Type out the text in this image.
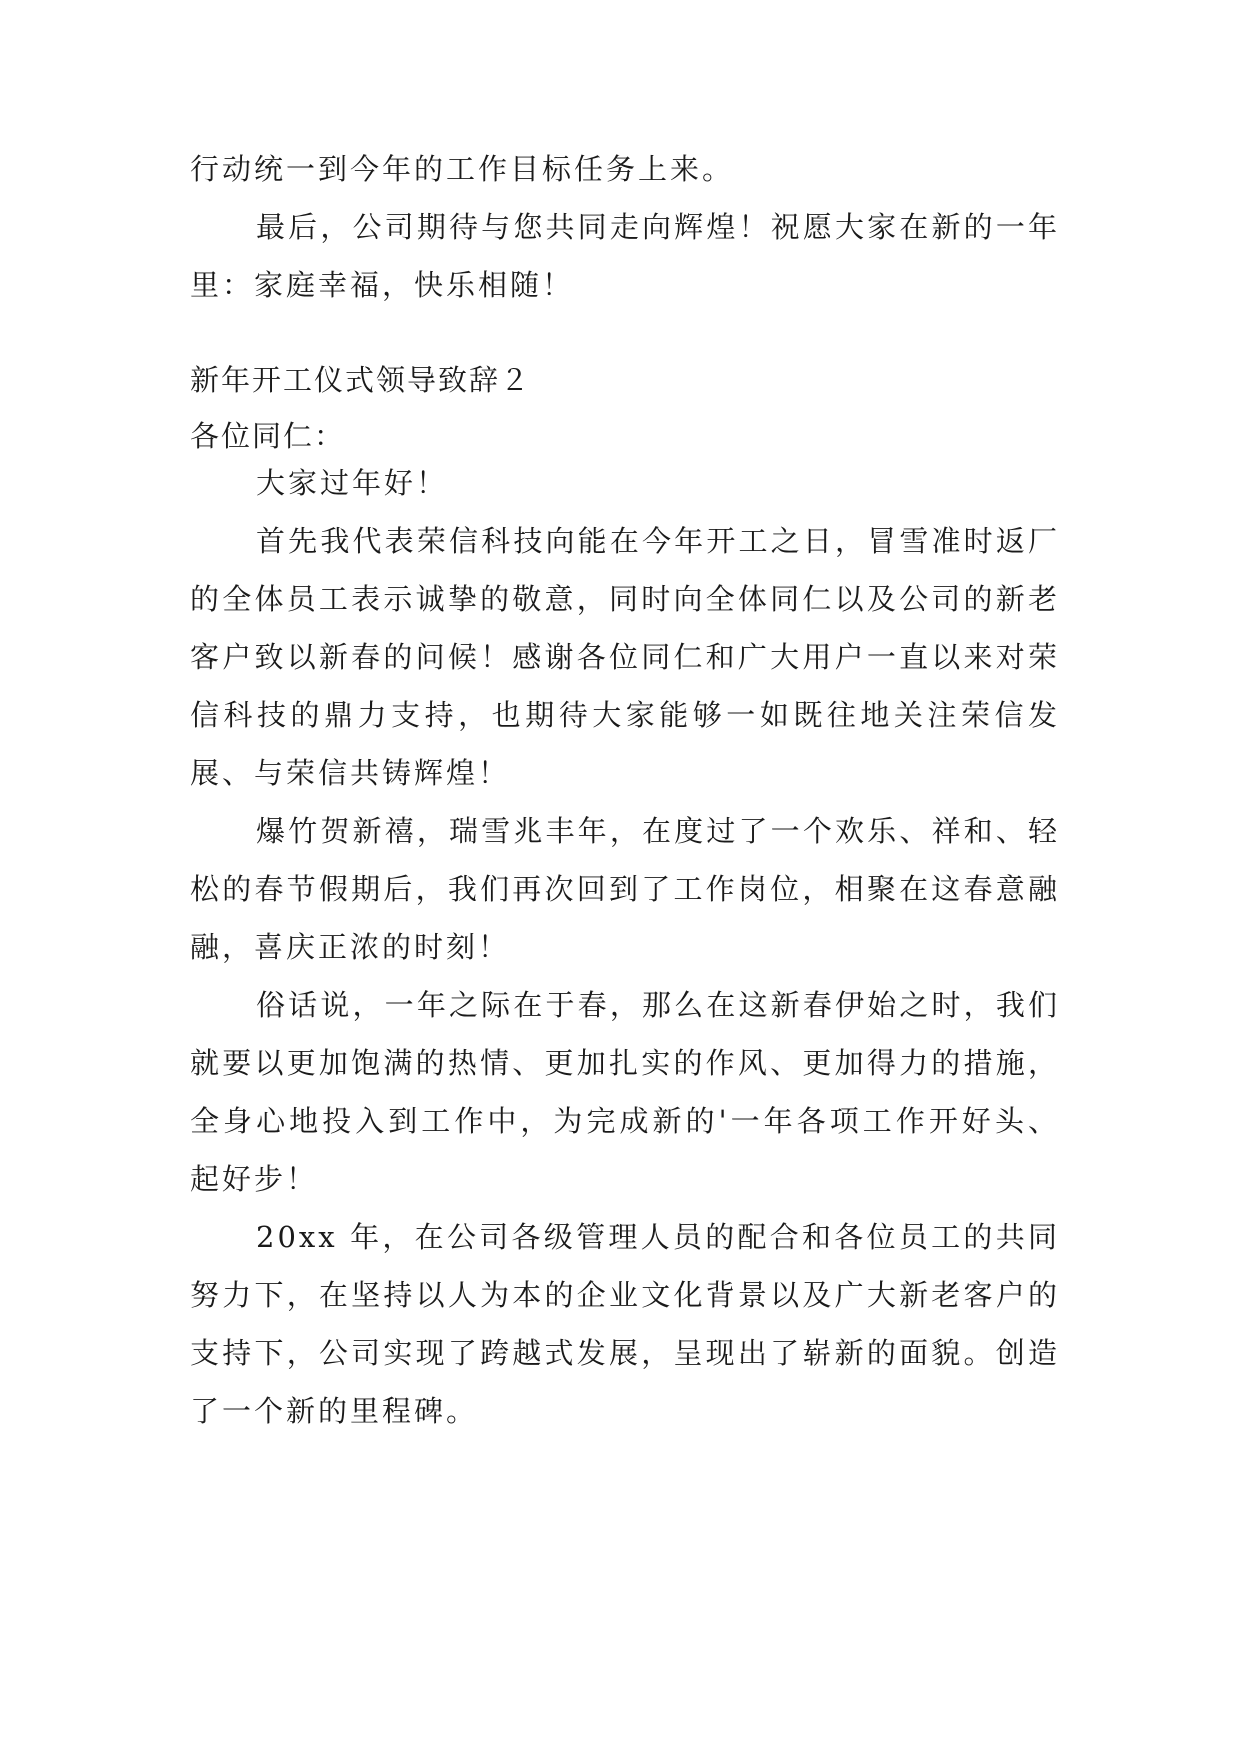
行动统一到今年的工作目标任务上来。

最后，公司期待与您共同走向辉煌！祝愿大家在新的一年里：家庭幸福，快乐相随！

新年开工仪式领导致辞２

各位同仁：

大家过年好！

首先我代表荣信科技向能在今年开工之日，冒雪准时返厂的全体员工表示诚挚的敬意，同时向全体同仁以及公司的新老客户致以新春的问候！感谢各位同仁和广大用户一直以来对荣信科技的鼎力支持，也期待大家能够一如既往地关注荣信发展、与荣信共铸辉煌！

爆竹贺新禧，瑞雪兆丰年，在度过了一个欢乐、祥和、轻松的春节假期后，我们再次回到了工作岗位，相聚在这春意融融，喜庆正浓的时刻！

俗话说，一年之际在于春，那么在这新春伊始之时，我们就要以更加饱满的热情、更加扎实的作风、更加得力的措施，全身心地投入到工作中，为完成新的'一年各项工作开好头、起好步！

20xx 年，在公司各级管理人员的配合和各位员工的共同努力下，在坚持以人为本的企业文化背景以及广大新老客户的支持下，公司实现了跨越式发展，呈现出了崭新的面貌。创造了一个新的里程碑。
